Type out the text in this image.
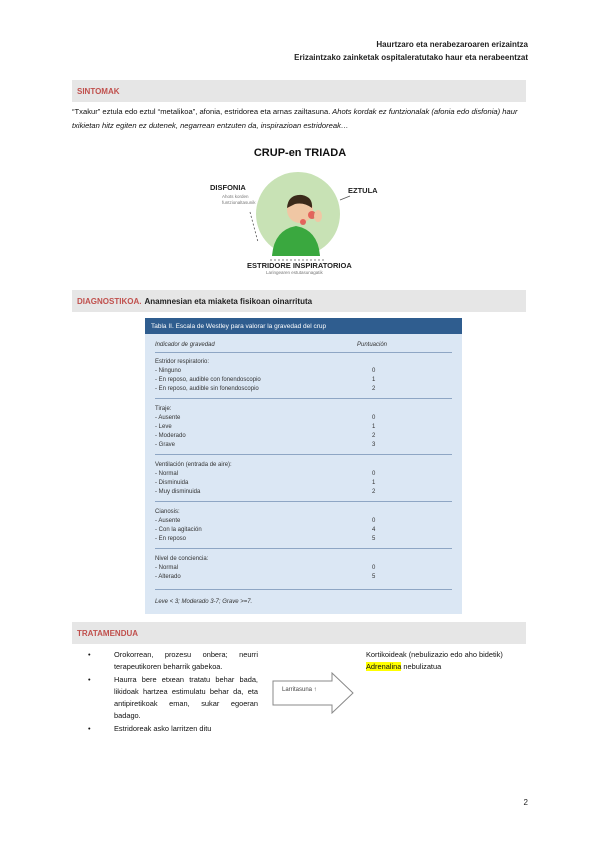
Haurtzaro eta nerabezaroaren erizaintza
Erizaintzako zainketak ospitaleratutako haur eta nerabeentzat
SINTOMAK
“Txakur” eztula edo eztul “metalikoa”, afonia, estridorea eta arnas zailtasuna. Ahots kordak ez funtzionalak (afonia edo disfonia) haur txikietan hitz egiten ez dutenek, negarrean entzuten da, inspirazioan estridoreak…
CRUP-en TRIADA
DISFONIA
Ahots korden funtzionaltasunik
EZTULA
ESTRIDORE INSPIRATORIOA
Laringearen estutasunagatik
DIAGNOSTIKOA. Anamnesian eta miaketa fisikoan oinarrituta
Tabla II. Escala de Westley para valorar la gravedad del crup
Indicador de gravedad	Puntuación
Estridor respiratorio:
- Ninguno	0
- En reposo, audible con fonendoscopio	1
- En reposo, audible sin fonendoscopio	2
Tiraje:
- Ausente	0
- Leve	1
- Moderado	2
- Grave	3
Ventilación (entrada de aire):
- Normal	0
- Disminuida	1
- Muy disminuida	2
Cianosis:
- Ausente	0
- Con la agitación	4
- En reposo	5
Nivel de conciencia:
- Normal	0
- Alterado	5
Leve < 3; Moderado 3-7; Grave >=7.
TRATAMENDUA
•	Orokorrean, prozesu onbera; neurri terapeutikoren beharrik gabekoa.
•	Haurra bere etxean tratatu behar bada, likidoak hartzea estimulatu behar da, eta antipiretikoak eman, sukar egoeran badago.
•	Estridoreak asko larritzen ditu
Larritasuna ↑
Kortikoideak (nebulizazio edo aho bidetik)
Adrenalina nebulizatua
2
